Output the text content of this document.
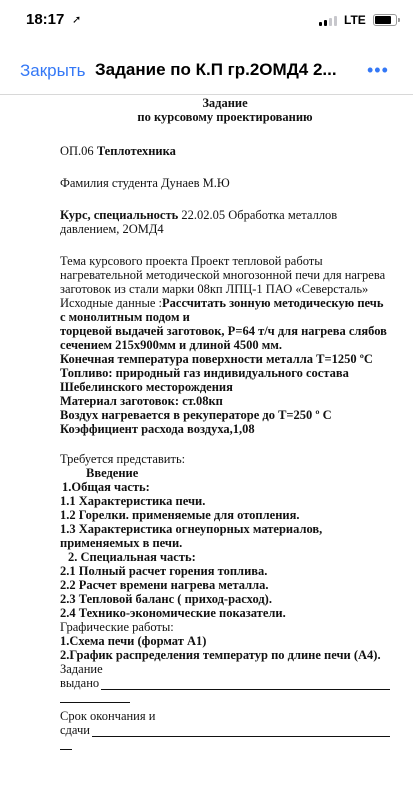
18:17 ➚	LTE
Закрыть Задание по К.П гр.2ОМД4 2...	•••

Задание

по курсовому проектированию

ОП.06 Теплотехника

Фамилия студента Дунаев М.Ю

Курс, специальность 22.02.05 Обработка металлов давлением, 2ОМД4

Тема курсового проекта Проект тепловой работы нагревательной методической многозонной печи для нагрева заготовок из стали марки 08кп ЛПЦ-1 ПАО «Северсталь»

Исходные данные :Рассчитать зонную методическую печь с монолитным подом и

торцевой выдачей заготовок, Р=64 т/ч для нагрева слябов

сечением 215х900мм и длиной 4500 мм.

Конечная температура поверхности металла Т=1250 ºС

Топливо: природный газ индивидуального состава Шебелинского месторождения

Материал заготовок: ст.08кп

Воздух нагревается в рекуператоре до Т=250 º С

Коэффициент расхода воздуха,1,08

Требуется представить:

Введение

1.Общая часть:

1.1 Характеристика печи.

1.2 Горелки. применяемые для отопления.

1.3 Характеристика огнеупорных материалов, применяемых в печи.

2. Специальная часть:

2.1 Полный расчет горения топлива.

2.2 Расчет времени нагрева металла.

2.3 Тепловой баланс ( приход-расход).

2.4 Технико-экономические показатели.

Графические работы:

1.Схема печи (формат А1)

2.График распределения температур по длине печи (А4).

Задание

выдано

Срок окончания и

сдачи
